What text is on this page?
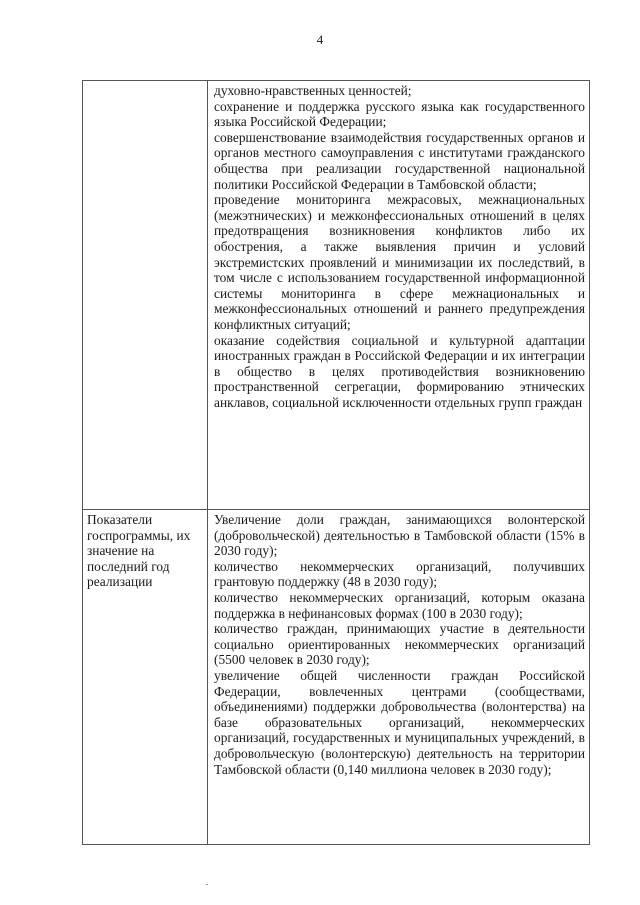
4

	духовно-нравственных ценностей;

сохранение и поддержка русского языка как государственного языка Российской Федерации;

совершенствование взаимодействия государственных органов и органов местного самоуправления с институтами гражданского общества при реализации государственной национальной политики Российской Федерации в Тамбовской области;

проведение мониторинга межрасовых, межнациональных (межэтнических) и межконфессиональных отношений в целях предотвращения возникновения конфликтов либо их обострения, а также выявления причин и условий экстремистских проявлений и минимизации их последствий, в том числе с использованием государственной информационной системы мониторинга в сфере межнациональных и межконфессиональных отношений и раннего предупреждения конфликтных ситуаций;

оказание содействия социальной и культурной адаптации иностранных граждан в Российской Федерации и их интеграции в общество в целях противодействия возникновению пространственной сегрегации, формированию этнических анклавов, социальной исключенности отдельных групп граждан

Показатели госпрограммы, их значение на последний год реализации	Увеличение доли граждан, занимающихся волонтерской (добровольческой) деятельностью в Тамбовской области (15% в 2030 году);

количество некоммерческих организаций, получивших грантовую поддержку (48 в 2030 году);

количество некоммерческих организаций, которым оказана поддержка в нефинансовых формах (100 в 2030 году);

количество граждан, принимающих участие в деятельности социально ориентированных некоммерческих организаций (5500 человек в 2030 году);

увеличение общей численности граждан Российской Федерации, вовлеченных центрами (сообществами, объединениями) поддержки добровольчества (волонтерства) на базе образовательных организаций, некоммерческих организаций, государственных и муниципальных учреждений, в добровольческую (волонтерскую) деятельность на территории Тамбовской области (0,140 миллиона человек в 2030 году);
